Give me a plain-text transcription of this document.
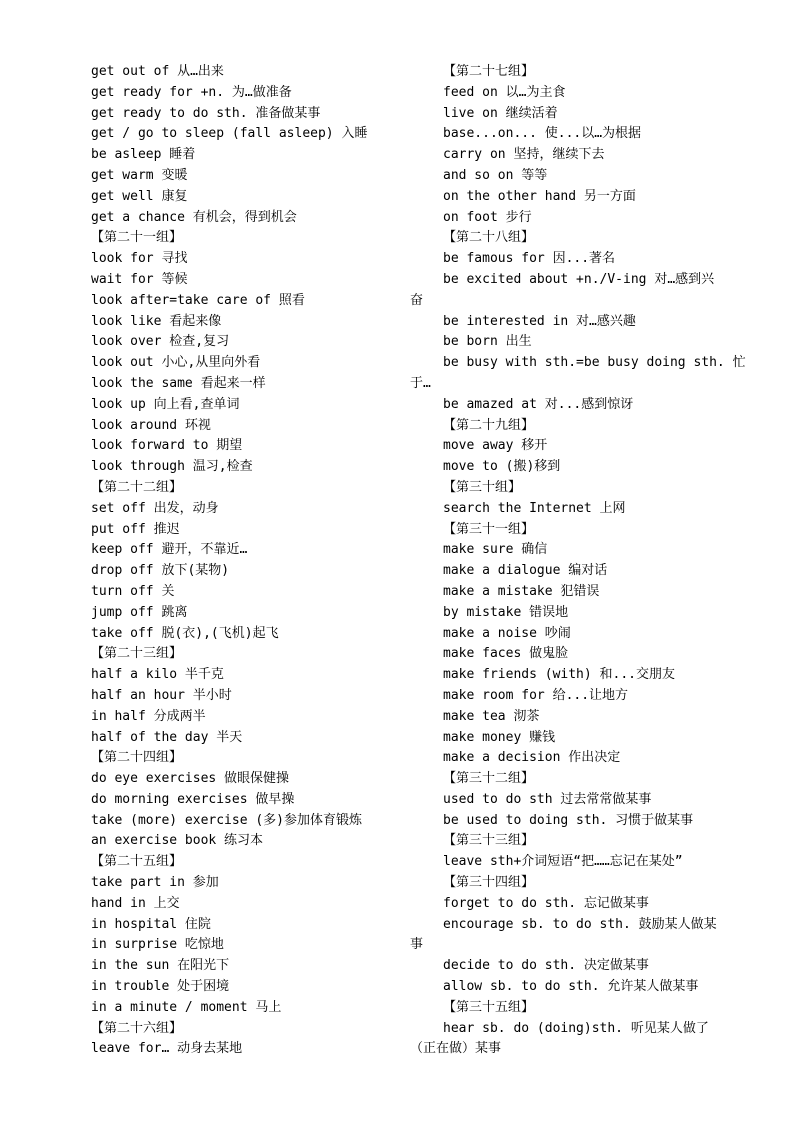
get out of 从…出来
get ready for +n. 为…做准备
get ready to do sth. 准备做某事
get / go to sleep (fall asleep) 入睡
be asleep 睡着
get warm 变暖
get well 康复
get a chance 有机会，得到机会
【第二十一组】
look for 寻找
wait for 等候
look after=take care of 照看
look like 看起来像
look over 检查,复习
look out 小心,从里向外看
look the same 看起来一样
look up 向上看,查单词
look around 环视
look forward to 期望
look through 温习,检查
【第二十二组】
set off 出发，动身
put off 推迟
keep off 避开，不靠近…
drop off 放下(某物)
turn off 关
jump off 跳离
take off 脱(衣),(飞机)起飞
【第二十三组】
half a kilo 半千克
half an hour 半小时
in half 分成两半
half of the day 半天
【第二十四组】
do eye exercises 做眼保健操
do morning exercises 做早操
take (more) exercise (多)参加体育锻炼
an exercise book 练习本
【第二十五组】
take part in 参加
hand in 上交
in hospital 住院
in surprise 吃惊地
in the sun 在阳光下
in trouble 处于困境
in a minute / moment 马上
【第二十六组】
leave for… 动身去某地
【第二十七组】
feed on 以…为主食
live on 继续活着
base...on... 使...以…为根据
carry on 坚持，继续下去
and so on 等等
on the other hand 另一方面
on foot 步行
【第二十八组】
be famous for 因...著名
be excited about +n./V-ing 对…感到兴
奋
be interested in 对…感兴趣
be born 出生
be busy with sth.=be busy doing sth. 忙
于…
be amazed at 对...感到惊讶
【第二十九组】
move away 移开
move to (搬)移到
【第三十组】
search the Internet 上网
【第三十一组】
make sure 确信
make a dialogue 编对话
make a mistake 犯错误
by mistake 错误地
make a noise 吵闹
make faces 做鬼脸
make friends (with) 和...交朋友
make room for 给...让地方
make tea 沏茶
make money 赚钱
make a decision 作出决定
【第三十二组】
used to do sth 过去常常做某事
be used to doing sth. 习惯于做某事
【第三十三组】
leave sth+介词短语“把……忘记在某处”
【第三十四组】
forget to do sth. 忘记做某事
encourage sb. to do sth. 鼓励某人做某
事
decide to do sth. 决定做某事
allow sb. to do sth. 允许某人做某事
【第三十五组】
hear sb. do (doing)sth. 听见某人做了
（正在做）某事
